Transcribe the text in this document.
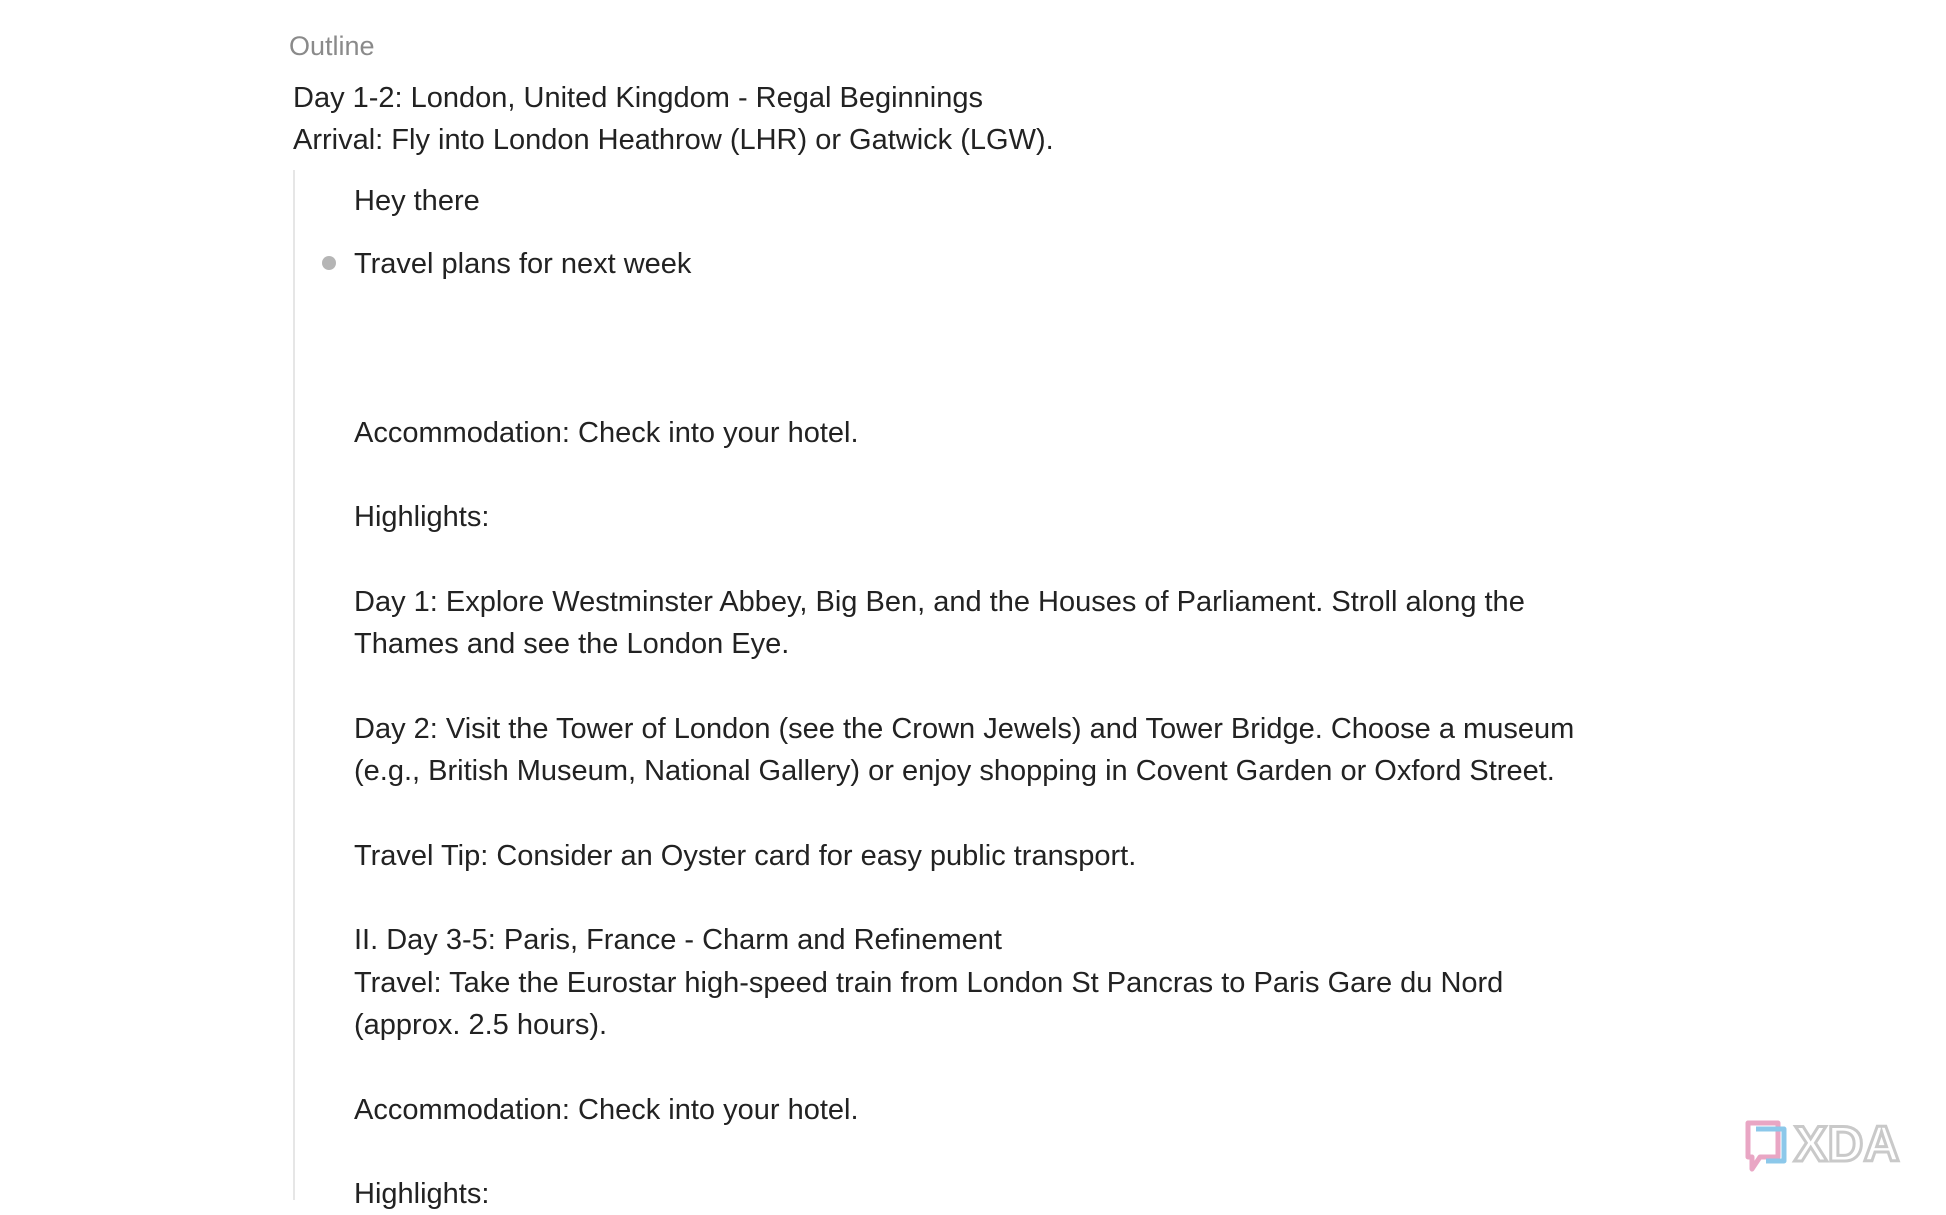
Outline
Day 1-2: London, United Kingdom - Regal Beginnings
Arrival: Fly into London Heathrow (LHR) or Gatwick (LGW).
Hey there
Travel plans for next week
Accommodation: Check into your hotel.
Highlights:
Day 1: Explore Westminster Abbey, Big Ben, and the Houses of Parliament. Stroll along the
Thames and see the London Eye.
Day 2: Visit the Tower of London (see the Crown Jewels) and Tower Bridge. Choose a museum
(e.g., British Museum, National Gallery) or enjoy shopping in Covent Garden or Oxford Street.
Travel Tip: Consider an Oyster card for easy public transport.
II. Day 3-5: Paris, France - Charm and Refinement
Travel: Take the Eurostar high-speed train from London St Pancras to Paris Gare du Nord
(approx. 2.5 hours).
Accommodation: Check into your hotel.
Highlights:
XDA
